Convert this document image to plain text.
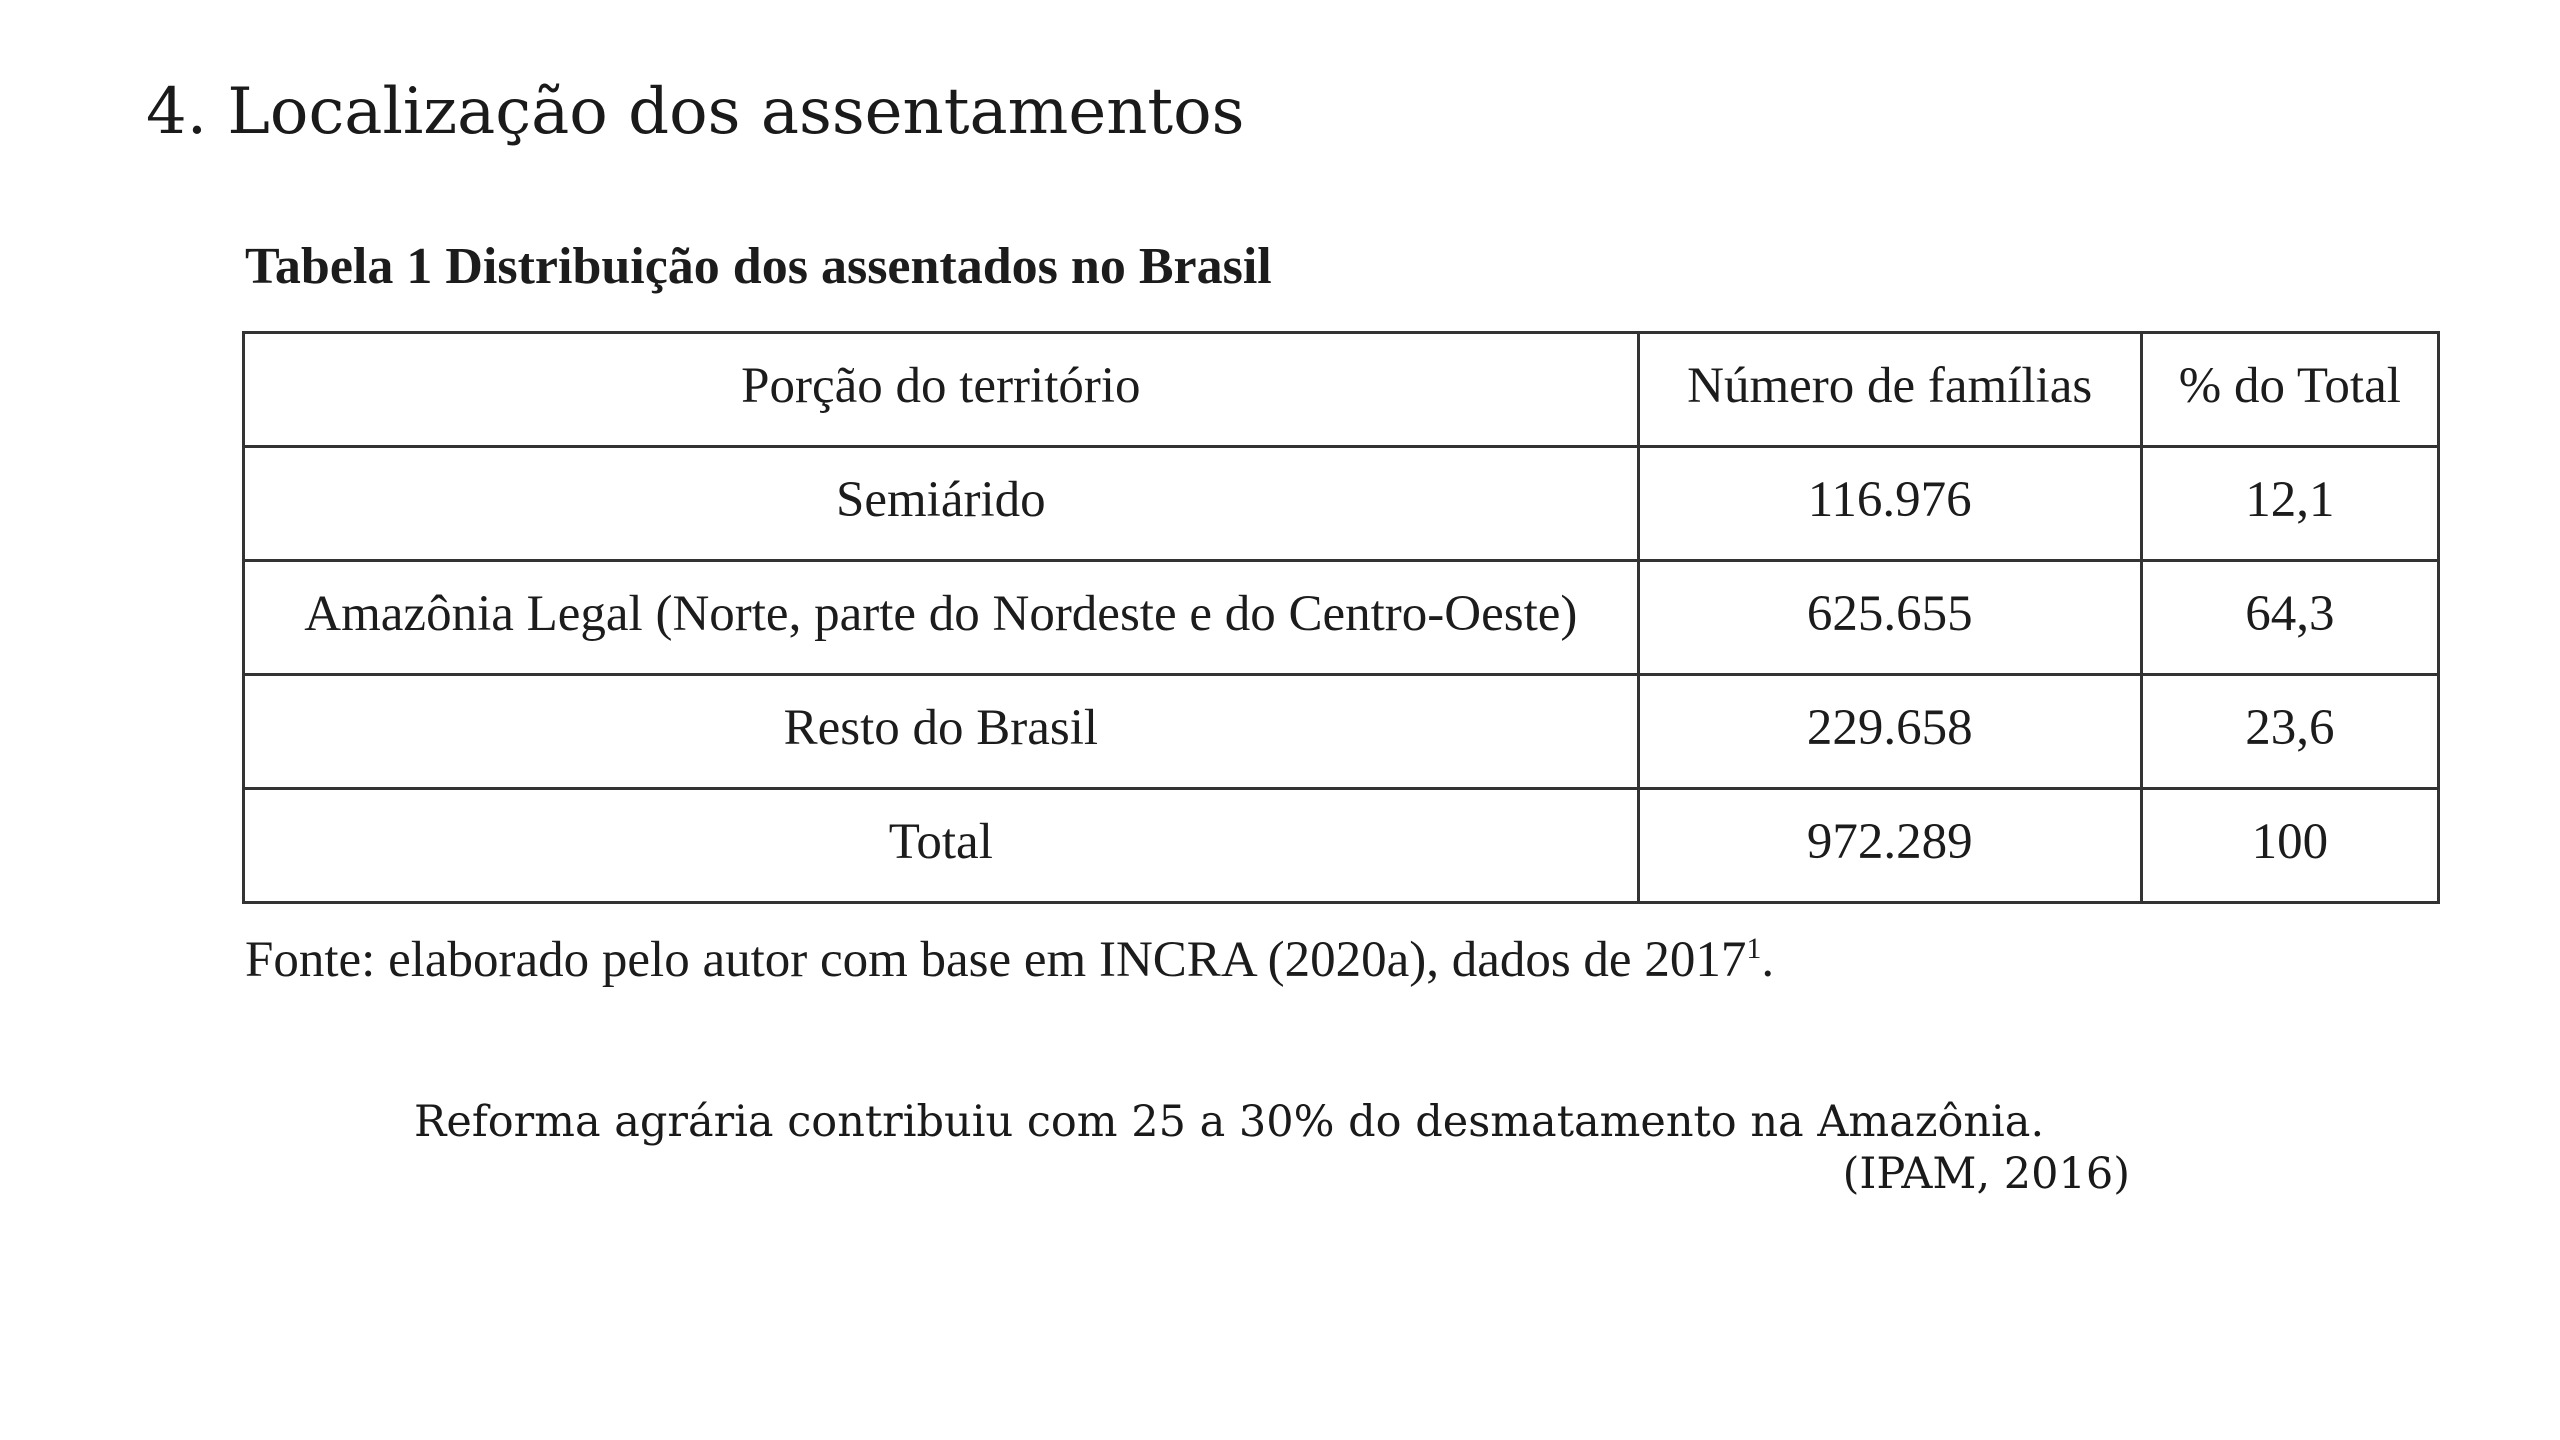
4. Localização dos assentamentos
Tabela 1 Distribuição dos assentados no Brasil
Porção do território	Número de famílias	% do Total
Semiárido	116.976	12,1
Amazônia Legal (Norte, parte do Nordeste e do Centro-Oeste)	625.655	64,3
Resto do Brasil	229.658	23,6
Total	972.289	100
Fonte: elaborado pelo autor com base em INCRA (2020a), dados de 2017$^1$.
Reforma agrária contribuiu com 25 a 30% do desmatamento na Amazônia.
(IPAM, 2016)
